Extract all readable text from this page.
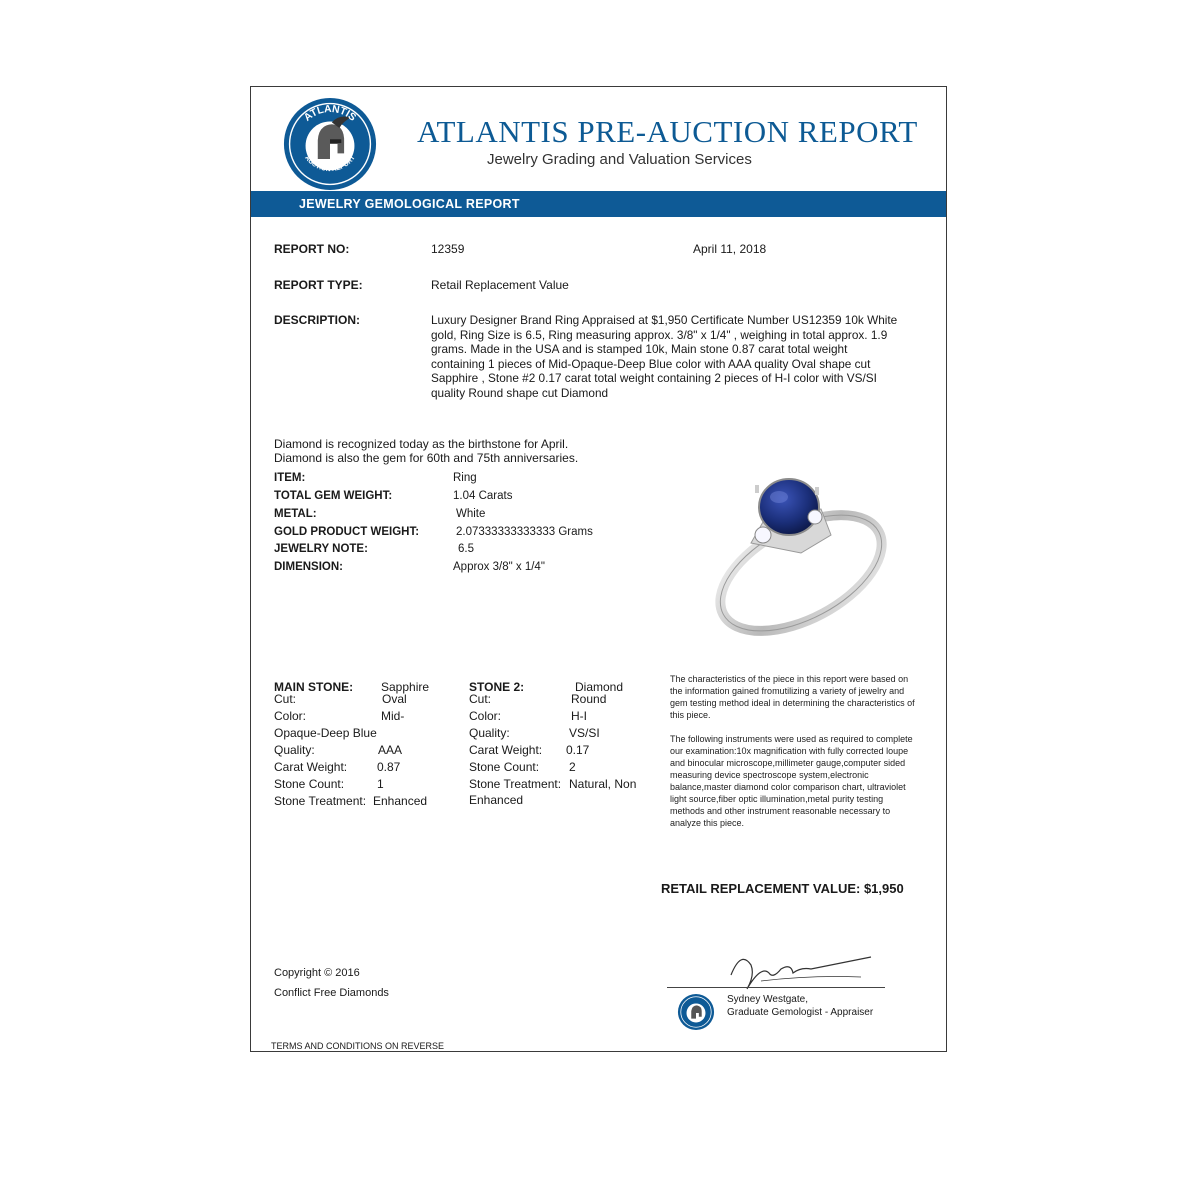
ATLANTIS
AUCTION REPORT
ATLANTIS PRE-AUCTION REPORT
Jewelry Grading and Valuation Services
JEWELRY GEMOLOGICAL REPORT
REPORT NO:	12359	April 11, 2018
REPORT TYPE:	Retail Replacement Value
DESCRIPTION:	Luxury Designer Brand Ring Appraised at $1,950 Certificate Number US12359 10k White gold, Ring Size is 6.5, Ring measuring approx. 3/8" x 1/4" , weighing in total approx. 1.9 grams. Made in the USA and is stamped 10k, Main stone 0.87 carat total weight containing 1 pieces of Mid-Opaque-Deep Blue color with AAA quality Oval shape cut Sapphire , Stone #2 0.17 carat total weight containing 2 pieces of H-I color with VS/SI quality Round shape cut Diamond
Diamond is recognized today as the birthstone for April.
Diamond is also the gem for 60th and 75th anniversaries.
ITEM:	Ring
TOTAL GEM WEIGHT:	1.04 Carats
METAL:	White
GOLD PRODUCT WEIGHT:	2.07333333333333 Grams
JEWELRY NOTE:	6.5
DIMENSION:	Approx 3/8" x 1/4"
MAIN STONE: Sapphire
Cut:	Oval
Color:	Mid-
Opaque-Deep Blue
Quality:	AAA
Carat Weight: 0.87
Stone Count:	1
Stone Treatment: Enhanced
STONE 2:	Diamond
Cut:	Round
Color:	H-I
Quality:	VS/SI
Carat Weight: 0.17
Stone Count: 2
Stone Treatment: Natural, Non
Enhanced
The characteristics of the piece in this report were based on the information gained fromutilizing a variety of jewelry and gem testing method ideal in determining the characteristics of this piece.
The following instruments were used as required to complete our examination:10x magnification with fully corrected loupe and binocular microscope,millimeter gauge,computer sided measuring device spectroscope system,electronic balance,master diamond color comparison chart, ultraviolet light source,fiber optic illumination,metal purity testing methods and other instrument reasonable necessary to analyze this piece.
RETAIL REPLACEMENT VALUE: $1,950
Sydney Westgate,
Graduate Gemologist - Appraiser
Copyright © 2016
Conflict Free Diamonds
TERMS AND CONDITIONS ON REVERSE
